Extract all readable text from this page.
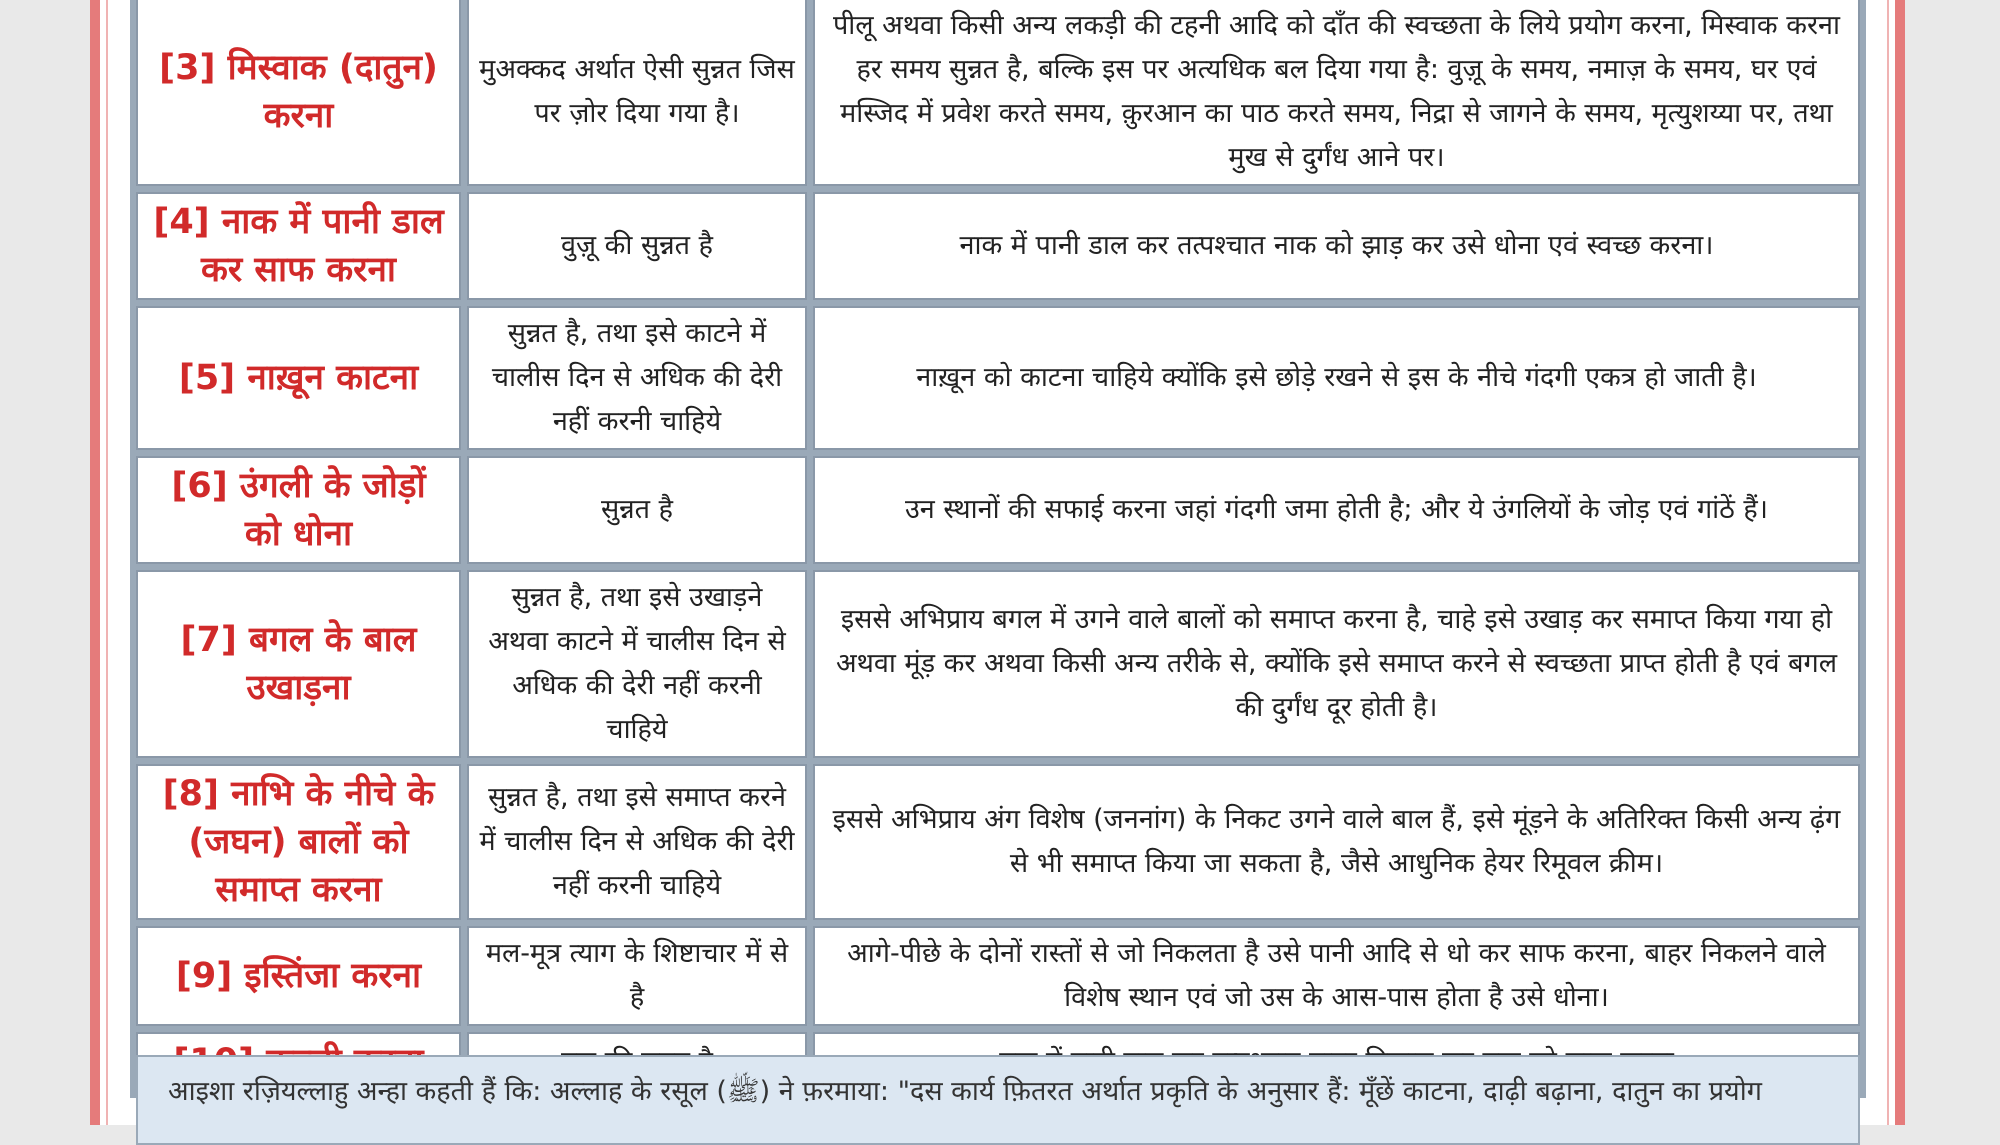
[3] मिस्वाक (दातुन) करना	मुअक्कद अर्थात ऐसी सुन्नत जिस पर ज़ोर दिया गया है।	पीलू अथवा किसी अन्य लकड़ी की टहनी आदि को दाँत की स्वच्छता के लिये प्रयोग करना, मिस्वाक करना हर समय सुन्नत है, बल्कि इस पर अत्यधिक बल दिया गया है: वुज़ू के समय, नमाज़ के समय, घर एवं मस्जिद में प्रवेश करते समय, क़ुरआन का पाठ करते समय, निद्रा से जागने के समय, मृत्युशय्या पर, तथा मुख से दुर्गंध आने पर।
[4] नाक में पानी डाल कर साफ करना	वुज़ू की सुन्नत है	नाक में पानी डाल कर तत्पश्चात नाक को झाड़ कर उसे धोना एवं स्वच्छ करना।
[5] नाख़ून काटना	सुन्नत है, तथा इसे काटने में चालीस दिन से अधिक की देरी नहीं करनी चाहिये	नाख़ून को काटना चाहिये क्योंकि इसे छोड़े रखने से इस के नीचे गंदगी एकत्र हो जाती है।
[6] उंगली के जोड़ों को धोना	सुन्नत है	उन स्थानों की सफाई करना जहां गंदगी जमा होती है; और ये उंगलियों के जोड़ एवं गांठें हैं।
[7] बगल के बाल उखाड़ना	सुन्नत है, तथा इसे उखाड़ने अथवा काटने में चालीस दिन से अधिक की देरी नहीं करनी चाहिये	इससे अभिप्राय बगल में उगने वाले बालों को समाप्त करना है, चाहे इसे उखाड़ कर समाप्त किया गया हो अथवा मूंड़ कर अथवा किसी अन्य तरीके से, क्योंकि इसे समाप्त करने से स्वच्छता प्राप्त होती है एवं बगल की दुर्गंध दूर होती है।
[8] नाभि के नीचे के (जघन) बालों को समाप्त करना	सुन्नत है, तथा इसे समाप्त करने में चालीस दिन से अधिक की देरी नहीं करनी चाहिये	इससे अभिप्राय अंग विशेष (जननांग) के निकट उगने वाले बाल हैं, इसे मूंड़ने के अतिरिक्त किसी अन्य ढ़ंग से भी समाप्त किया जा सकता है, जैसे आधुनिक हेयर रिमूवल क्रीम।
[9] इस्तिंजा करना	मल-मूत्र त्याग के शिष्टाचार में से है	आगे-पीछे के दोनों रास्तों से जो निकलता है उसे पानी आदि से धो कर साफ करना, बाहर निकलने वाले विशेष स्थान एवं जो उस के आस-पास होता है उसे धोना।

आइशा रज़ियल्लाहु अन्हा कहती हैं कि: अल्लाह के रसूल (ﷺ) ने फ़रमाया: "दस कार्य फ़ितरत अर्थात प्रकृति के अनुसार हैं: मूँछें काटना, दाढ़ी बढ़ाना, दातुन का प्रयोग
